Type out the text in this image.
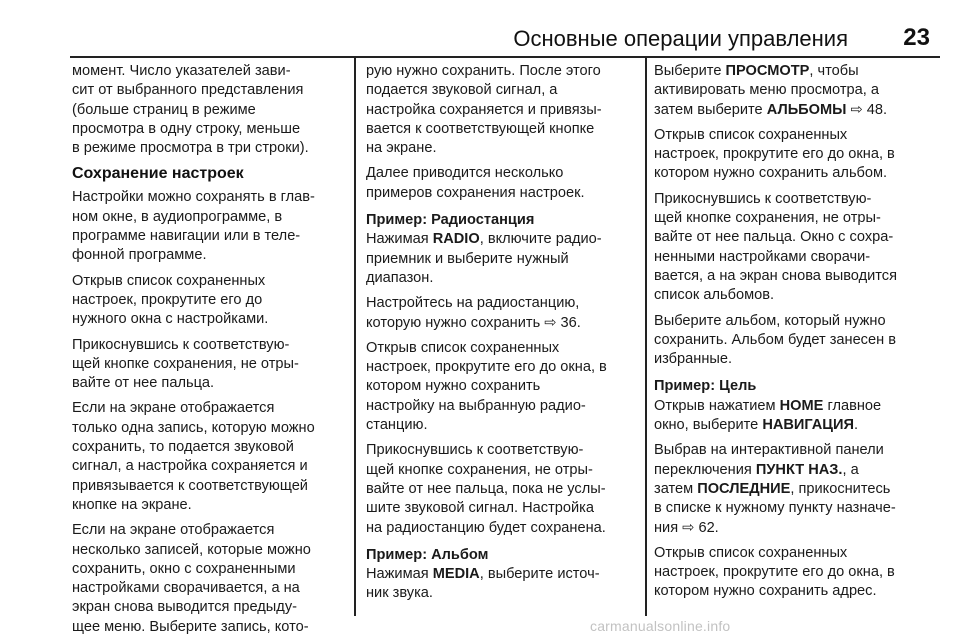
Основные операции управления 23

момент. Число указателей зави-
сит от выбранного представления
(больше страниц в режиме
просмотра в одну строку, меньше
в режиме просмотра в три строки).

Сохранение настроек

Настройки можно сохранять в глав-
ном окне, в аудиопрограмме, в
программе навигации или в теле-
фонной программе.

Открыв список сохраненных
настроек, прокрутите его до
нужного окна с настройками.

Прикоснувшись к соответствую-
щей кнопке сохранения, не отры-
вайте от нее пальца.

Если на экране отображается
только одна запись, которую можно
сохранить, то подается звуковой
сигнал, а настройка сохраняется и
привязывается к соответствующей
кнопке на экране.

Если на экране отображается
несколько записей, которые можно
сохранить, окно с сохраненными
настройками сворачивается, а на
экран снова выводится предыду-
щее меню. Выберите запись, кото-

рую нужно сохранить. После этого
подается звуковой сигнал, а
настройка сохраняется и привязы-
вается к соответствующей кнопке
на экране.

Далее приводится несколько
примеров сохранения настроек.

Пример: Радиостанция

Нажимая RADIO, включите радио-
приемник и выберите нужный
диапазон.

Настройтесь на радиостанцию,
которую нужно сохранить ⇨ 36.

Открыв список сохраненных
настроек, прокрутите его до окна, в
котором нужно сохранить
настройку на выбранную радио-
станцию.

Прикоснувшись к соответствую-
щей кнопке сохранения, не отры-
вайте от нее пальца, пока не услы-
шите звуковой сигнал. Настройка
на радиостанцию будет сохранена.

Пример: Альбом

Нажимая MEDIA, выберите источ-
ник звука.

Выберите ПРОСМОТР, чтобы
активировать меню просмотра, а
затем выберите АЛЬБОМЫ ⇨ 48.

Открыв список сохраненных
настроек, прокрутите его до окна, в
котором нужно сохранить альбом.

Прикоснувшись к соответствую-
щей кнопке сохранения, не отры-
вайте от нее пальца. Окно с сохра-
ненными настройками сворачи-
вается, а на экран снова выводится
список альбомов.

Выберите альбом, который нужно
сохранить. Альбом будет занесен в
избранные.

Пример: Цель

Открыв нажатием HOME главное
окно, выберите НАВИГАЦИЯ.

Выбрав на интерактивной панели
переключения ПУНКТ НАЗ., а
затем ПОСЛЕДНИЕ, прикоснитесь
в списке к нужному пункту назначе-
ния ⇨ 62.

Открыв список сохраненных
настроек, прокрутите его до окна, в
котором нужно сохранить адрес.

carmanualsonline.info
